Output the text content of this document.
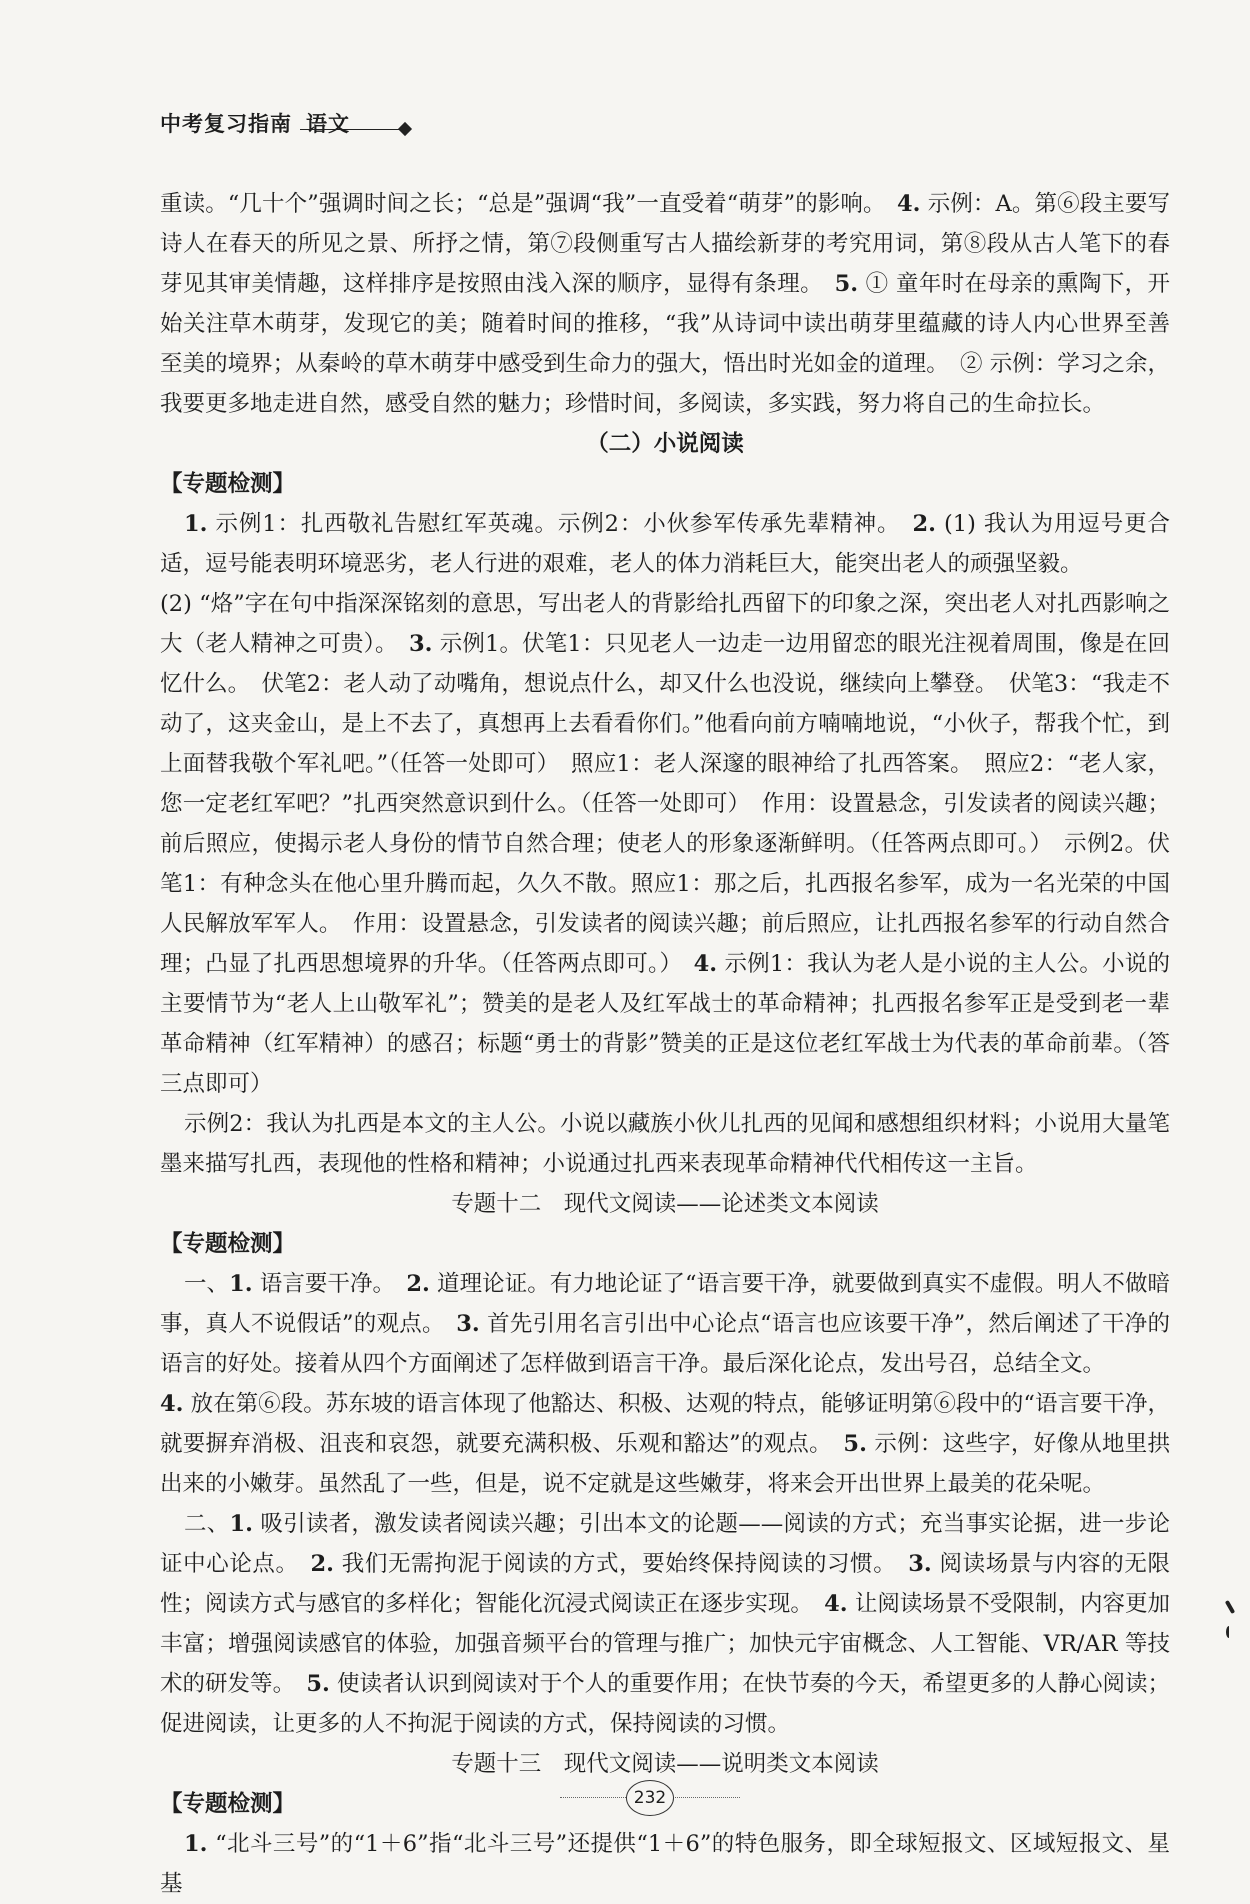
中考复习指南 语文

重读。“几十个”强调时间之长；“总是”强调“我”一直受着“萌芽”的影响。　4. 示例：A。第⑥段主要写诗人在春天的所见之景、所抒之情，第⑦段侧重写古人描绘新芽的考究用词，第⑧段从古人笔下的春芽见其审美情趣，这样排序是按照由浅入深的顺序，显得有条理。　5. ① 童年时在母亲的熏陶下，开始关注草木萌芽，发现它的美；随着时间的推移，“我”从诗词中读出萌芽里蕴藏的诗人内心世界至善至美的境界；从秦岭的草木萌芽中感受到生命力的强大，悟出时光如金的道理。　② 示例：学习之余，我要更多地走进自然，感受自然的魅力；珍惜时间，多阅读，多实践，努力将自己的生命拉长。

（二）小说阅读

【专题检测】

1. 示例1：扎西敬礼告慰红军英魂。示例2：小伙参军传承先辈精神。　2. (1) 我认为用逗号更合适，逗号能表明环境恶劣，老人行进的艰难，老人的体力消耗巨大，能突出老人的顽强坚毅。

(2) “烙”字在句中指深深铭刻的意思，写出老人的背影给扎西留下的印象之深，突出老人对扎西影响之大（老人精神之可贵）。　3. 示例1。伏笔1：只见老人一边走一边用留恋的眼光注视着周围，像是在回忆什么。　伏笔2：老人动了动嘴角，想说点什么，却又什么也没说，继续向上攀登。　伏笔3：“我走不动了，这夹金山，是上不去了，真想再上去看看你们。”他看向前方喃喃地说，“小伙子，帮我个忙，到上面替我敬个军礼吧。”（任答一处即可）　照应1：老人深邃的眼神给了扎西答案。　照应2：“老人家，您一定老红军吧？”扎西突然意识到什么。（任答一处即可）　作用：设置悬念，引发读者的阅读兴趣；前后照应，使揭示老人身份的情节自然合理；使老人的形象逐渐鲜明。（任答两点即可。）　示例2。伏笔1：有种念头在他心里升腾而起，久久不散。照应1：那之后，扎西报名参军，成为一名光荣的中国人民解放军军人。　作用：设置悬念，引发读者的阅读兴趣；前后照应，让扎西报名参军的行动自然合理；凸显了扎西思想境界的升华。（任答两点即可。）　4. 示例1：我认为老人是小说的主人公。小说的主要情节为“老人上山敬军礼”；赞美的是老人及红军战士的革命精神；扎西报名参军正是受到老一辈革命精神（红军精神）的感召；标题“勇士的背影”赞美的正是这位老红军战士为代表的革命前辈。（答三点即可）

示例2：我认为扎西是本文的主人公。小说以藏族小伙儿扎西的见闻和感想组织材料；小说用大量笔墨来描写扎西，表现他的性格和精神；小说通过扎西来表现革命精神代代相传这一主旨。

专题十二　现代文阅读——论述类文本阅读

【专题检测】

一、1. 语言要干净。　2. 道理论证。有力地论证了“语言要干净，就要做到真实不虚假。明人不做暗事，真人不说假话”的观点。　3. 首先引用名言引出中心论点“语言也应该要干净”，然后阐述了干净的语言的好处。接着从四个方面阐述了怎样做到语言干净。最后深化论点，发出号召，总结全文。

4. 放在第⑥段。苏东坡的语言体现了他豁达、积极、达观的特点，能够证明第⑥段中的“语言要干净，就要摒弃消极、沮丧和哀怨，就要充满积极、乐观和豁达”的观点。　5. 示例：这些字，好像从地里拱出来的小嫩芽。虽然乱了一些，但是，说不定就是这些嫩芽，将来会开出世界上最美的花朵呢。

二、1. 吸引读者，激发读者阅读兴趣；引出本文的论题——阅读的方式；充当事实论据，进一步论证中心论点。　2. 我们无需拘泥于阅读的方式，要始终保持阅读的习惯。　3. 阅读场景与内容的无限性；阅读方式与感官的多样化；智能化沉浸式阅读正在逐步实现。　4. 让阅读场景不受限制，内容更加丰富；增强阅读感官的体验，加强音频平台的管理与推广；加快元宇宙概念、人工智能、VR/AR 等技术的研发等。　5. 使读者认识到阅读对于个人的重要作用；在快节奏的今天，希望更多的人静心阅读；促进阅读，让更多的人不拘泥于阅读的方式，保持阅读的习惯。

专题十三　现代文阅读——说明类文本阅读

【专题检测】

1. “北斗三号”的“1＋6”指“北斗三号”还提供“1＋6”的特色服务，即全球短报文、区域短报文、星基

232
